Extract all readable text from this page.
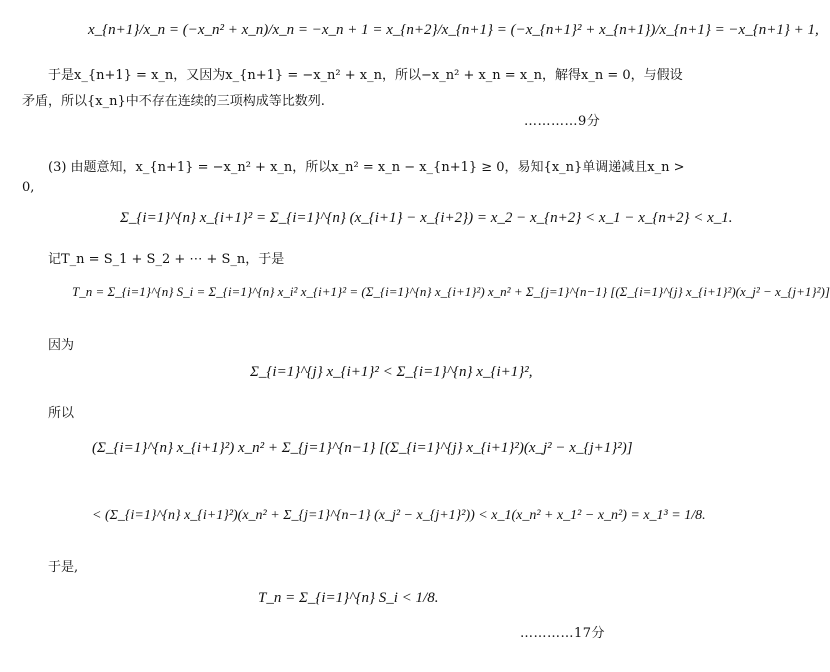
x_{n+1}/x_n = (−x_n² + x_n)/x_n = −x_n + 1 = x_{n+2}/x_{n+1} = (−x_{n+1}² + x_{n+1})/x_{n+1} = −x_{n+1} + 1,
于是x_{n+1} = x_n，又因为x_{n+1} = −x_n² + x_n，所以−x_n² + x_n = x_n，解得x_n = 0，与假设
矛盾，所以{x_n}中不存在连续的三项构成等比数列.
…………9分
(3) 由题意知，x_{n+1} = −x_n² + x_n，所以x_n² = x_n − x_{n+1} ≥ 0，易知{x_n}单调递减且x_n >
0,
Σ_{i=1}^{n} x_{i+1}² = Σ_{i=1}^{n} (x_{i+1} − x_{i+2}) = x_2 − x_{n+2} < x_1 − x_{n+2} < x_1.
记T_n = S_1 + S_2 + ⋯ + S_n，于是
T_n = Σ_{i=1}^{n} S_i = Σ_{i=1}^{n} x_i² x_{i+1}² = (Σ_{i=1}^{n} x_{i+1}²) x_n² + Σ_{j=1}^{n−1} [(Σ_{i=1}^{j} x_{i+1}²)(x_j² − x_{j+1}²)]
因为
Σ_{i=1}^{j} x_{i+1}² < Σ_{i=1}^{n} x_{i+1}²,
所以
(Σ_{i=1}^{n} x_{i+1}²) x_n² + Σ_{j=1}^{n−1} [(Σ_{i=1}^{j} x_{i+1}²)(x_j² − x_{j+1}²)]
< (Σ_{i=1}^{n} x_{i+1}²)(x_n² + Σ_{j=1}^{n−1} (x_j² − x_{j+1}²)) < x_1(x_n² + x_1² − x_n²) = x_1³ = 1/8.
于是,
T_n = Σ_{i=1}^{n} S_i < 1/8.
…………17分
